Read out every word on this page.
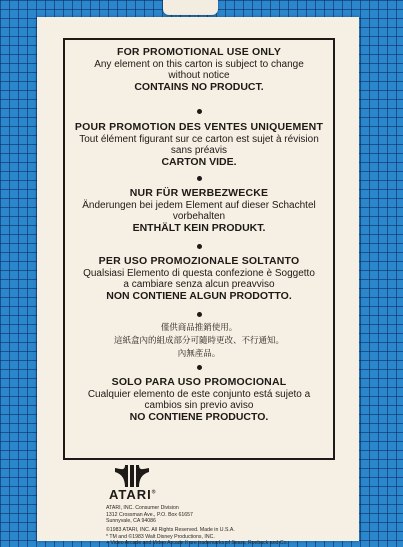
FOR PROMOTIONAL USE ONLY
Any element on this carton is subject to change
without notice
CONTAINS NO PRODUCT.
POUR PROMOTION DES VENTES UNIQUEMENT
Tout élément figurant sur ce carton est sujet à révision
sans préavis
CARTON VIDE.
NUR FÜR WERBEZWECKE
Änderungen bei jedem Element auf dieser Schachtel
vorbehalten
ENTHÄLT KEIN PRODUKT.
PER USO PROMOZIONALE SOLTANTO
Qualsiasi Elemento di questa confezione è Soggetto
a cambiare senza alcun preavviso
NON CONTIENE ALGUN PRODOTTO.
僅供商品推銷使用。
這紙盒內的組成部分可隨時更改、不行通知。
內無產品。
SOLO PARA USO PROMOCIONAL
Cualquier elemento de este conjunto está sujeto a
cambios sin previo aviso
NO CONTIENE PRODUCTO.
ATARI®
ATARI, INC. Consumer Division
1312 Crossman Ave., P.O. Box 61657
Sunnyvale, CA 94086
©1983 ATARI, INC. All Rights Reserved. Made in U.S.A.
* TM and ©1983 Walt Disney Productions, INC.
+ Video Arcade and Video Arcade II are trademarks of Sears, Roebuck and Co.
